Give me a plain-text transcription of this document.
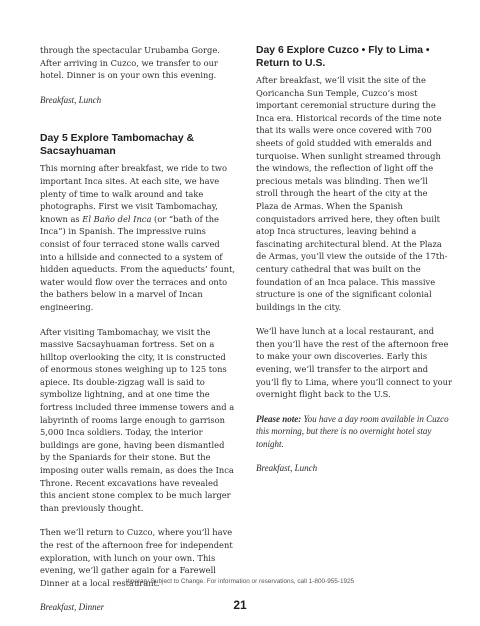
through the spectacular Urubamba Gorge. After arriving in Cuzco, we transfer to our hotel. Dinner is on your own this evening.

Breakfast, Lunch

Day 5 Explore Tambomachay & Sacsayhuaman

This morning after breakfast, we ride to two important Inca sites. At each site, we have plenty of time to walk around and take photographs. First we visit Tambomachay, known as El Baño del Inca (or “bath of the Inca”) in Spanish. The impressive ruins consist of four terraced stone walls carved into a hillside and connected to a system of hidden aqueducts. From the aqueducts’ fount, water would flow over the terraces and onto the bathers below in a marvel of Incan engineering.

After visiting Tambomachay, we visit the massive Sacsayhuaman fortress. Set on a hilltop overlooking the city, it is constructed of enormous stones weighing up to 125 tons apiece. Its double-zigzag wall is said to symbolize lightning, and at one time the fortress included three immense towers and a labyrinth of rooms large enough to garrison 5,000 Inca soldiers. Today, the interior buildings are gone, having been dismantled by the Spaniards for their stone. But the imposing outer walls remain, as does the Inca Throne. Recent excavations have revealed this ancient stone complex to be much larger than previously thought.

Then we’ll return to Cuzco, where you’ll have the rest of the afternoon free for independent exploration, with lunch on your own. This evening, we’ll gather again for a Farewell Dinner at a local restaurant.

Breakfast, Dinner

Day 6 Explore Cuzco • Fly to Lima • Return to U.S.

After breakfast, we’ll visit the site of the Qoricancha Sun Temple, Cuzco’s most important ceremonial structure during the Inca era. Historical records of the time note that its walls were once covered with 700 sheets of gold studded with emeralds and turquoise. When sunlight streamed through the windows, the reflection of light off the precious metals was blinding. Then we’ll stroll through the heart of the city at the Plaza de Armas. When the Spanish conquistadors arrived here, they often built atop Inca structures, leaving behind a fascinating architectural blend. At the Plaza de Armas, you’ll view the outside of the 17th-century cathedral that was built on the foundation of an Inca palace. This massive structure is one of the significant colonial buildings in the city.

We’ll have lunch at a local restaurant, and then you’ll have the rest of the afternoon free to make your own discoveries. Early this evening, we’ll transfer to the airport and you’ll fly to Lima, where you’ll connect to your overnight flight back to the U.S.

Please note: You have a day room available in Cuzco this morning, but there is no overnight hotel stay tonight.

Breakfast, Lunch

Itinerary Subject to Change. For information or reservations, call 1-800-955-1925
21
